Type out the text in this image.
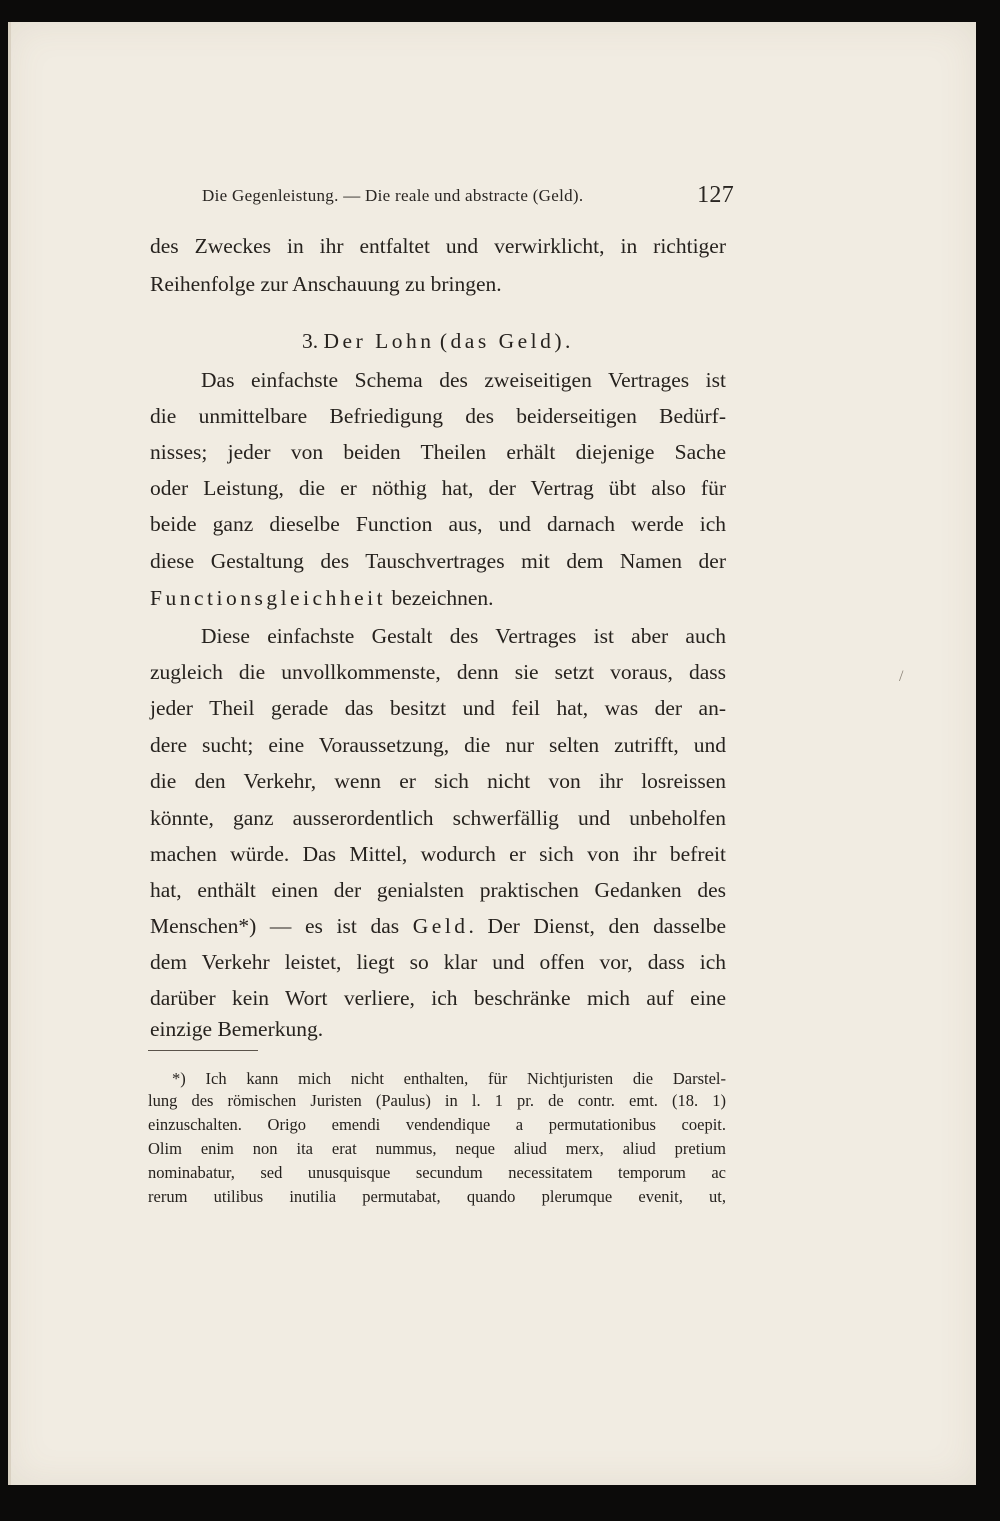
Die Gegenleistung. — Die reale und abstracte (Geld).	127
des Zweckes in ihr entfaltet und verwirklicht, in richtiger
Reihenfolge zur Anschauung zu bringen.
3. Der Lohn (das Geld).
Das einfachste Schema des zweiseitigen Vertrages ist
die unmittelbare Befriedigung des beiderseitigen Bedürf-
nisses; jeder von beiden Theilen erhält diejenige Sache
oder Leistung, die er nöthig hat, der Vertrag übt also für
beide ganz dieselbe Function aus, und darnach werde ich
diese Gestaltung des Tauschvertrages mit dem Namen der
Functionsgleichheit bezeichnen.
Diese einfachste Gestalt des Vertrages ist aber auch
zugleich die unvollkommenste, denn sie setzt voraus, dass
jeder Theil gerade das besitzt und feil hat, was der an-
dere sucht; eine Voraussetzung, die nur selten zutrifft, und
die den Verkehr, wenn er sich nicht von ihr losreissen
könnte, ganz ausserordentlich schwerfällig und unbeholfen
machen würde. Das Mittel, wodurch er sich von ihr befreit
hat, enthält einen der genialsten praktischen Gedanken des
Menschen*) — es ist das Geld. Der Dienst, den dasselbe
dem Verkehr leistet, liegt so klar und offen vor, dass ich
darüber kein Wort verliere, ich beschränke mich auf eine
einzige Bemerkung.
*) Ich kann mich nicht enthalten, für Nichtjuristen die Darstel-
lung des römischen Juristen (Paulus) in l. 1 pr. de contr. emt. (18. 1)
einzuschalten. Origo emendi vendendique a permutationibus coepit.
Olim enim non ita erat nummus, neque aliud merx, aliud pretium
nominabatur, sed unusquisque secundum necessitatem temporum ac
rerum utilibus inutilia permutabat, quando plerumque evenit, ut,
/
